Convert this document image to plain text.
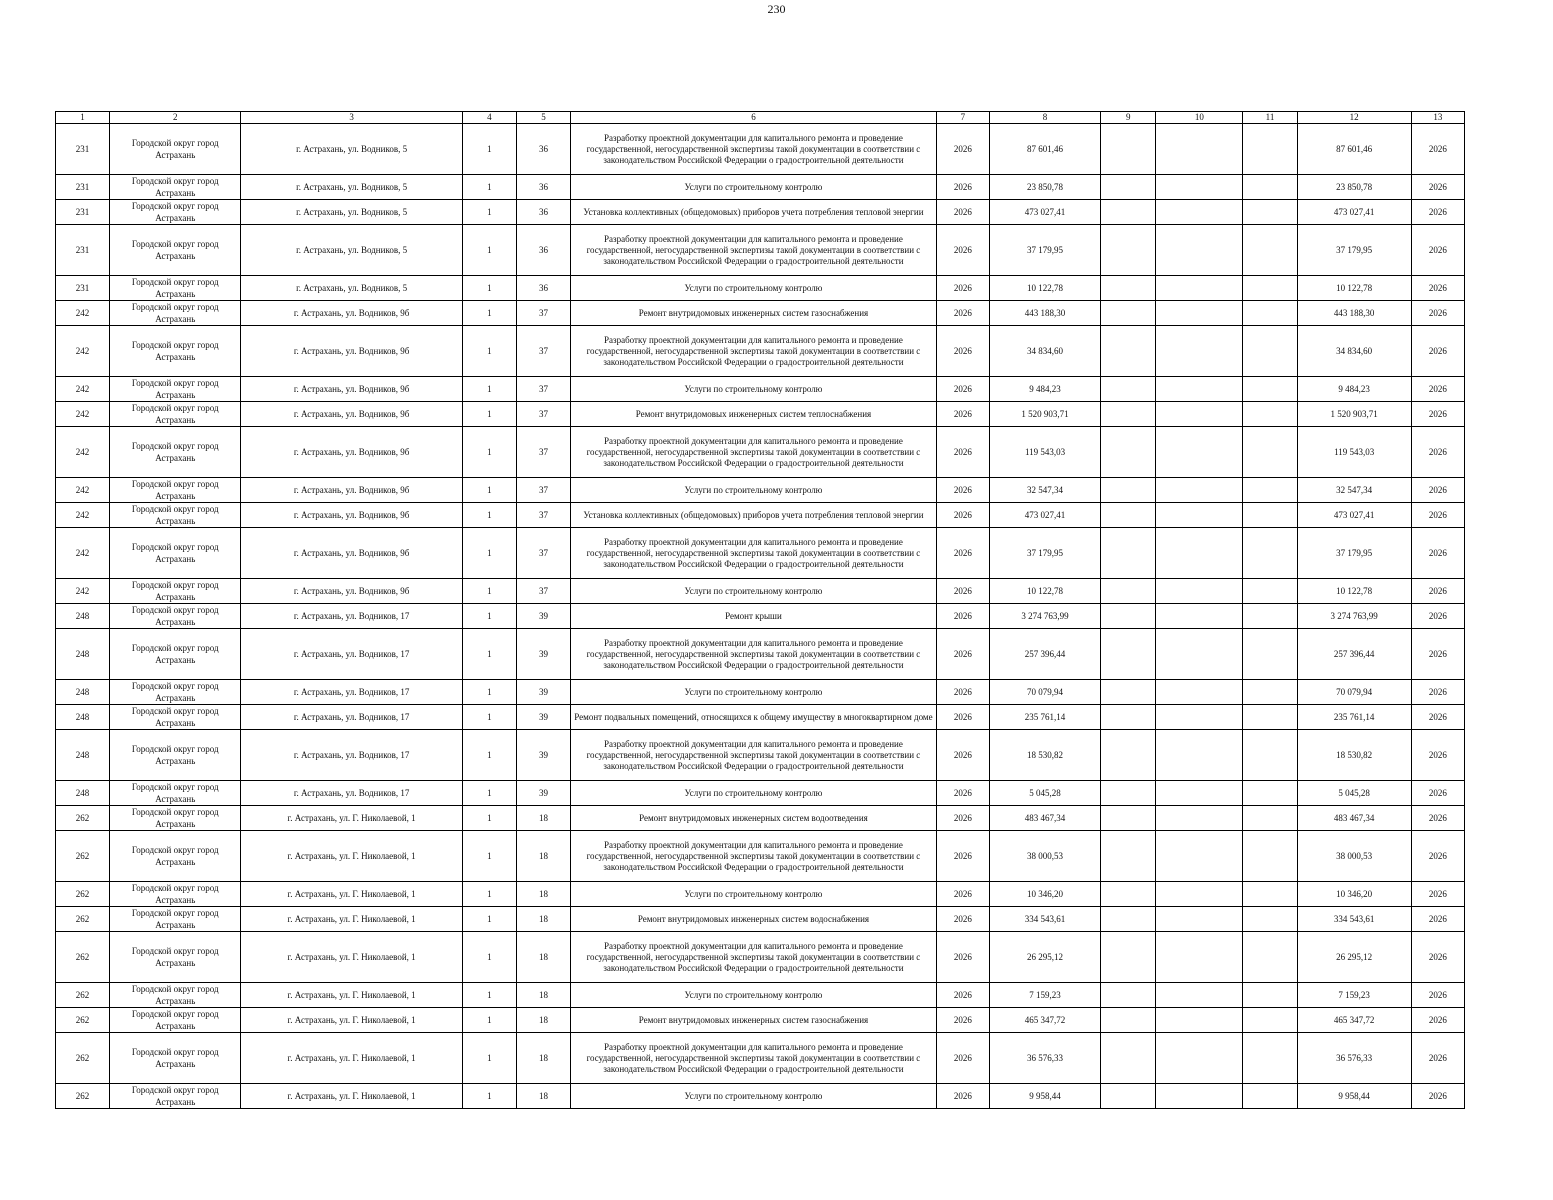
230
1	2	3	4	5	6	7	8	9	10	11	12	13
231	Городской округ город Астрахань	г. Астрахань, ул. Водников, 5	1	36	Разработку проектной документации для капитального ремонта и проведение государственной, негосударственной экспертизы такой документации в соответствии с законодательством Российской Федерации о градостроительной деятельности	2026	87 601,46				87 601,46	2026
231	Городской округ город Астрахань	г. Астрахань, ул. Водников, 5	1	36	Услуги по строительному контролю	2026	23 850,78				23 850,78	2026
231	Городской округ город Астрахань	г. Астрахань, ул. Водников, 5	1	36	Установка коллективных (общедомовых) приборов учета потребления тепловой энергии	2026	473 027,41				473 027,41	2026
231	Городской округ город Астрахань	г. Астрахань, ул. Водников, 5	1	36	Разработку проектной документации для капитального ремонта и проведение государственной, негосударственной экспертизы такой документации в соответствии с законодательством Российской Федерации о градостроительной деятельности	2026	37 179,95				37 179,95	2026
231	Городской округ город Астрахань	г. Астрахань, ул. Водников, 5	1	36	Услуги по строительному контролю	2026	10 122,78				10 122,78	2026
242	Городской округ город Астрахань	г. Астрахань, ул. Водников, 9б	1	37	Ремонт внутридомовых инженерных систем газоснабжения	2026	443 188,30				443 188,30	2026
242	Городской округ город Астрахань	г. Астрахань, ул. Водников, 9б	1	37	Разработку проектной документации для капитального ремонта и проведение государственной, негосударственной экспертизы такой документации в соответствии с законодательством Российской Федерации о градостроительной деятельности	2026	34 834,60				34 834,60	2026
242	Городской округ город Астрахань	г. Астрахань, ул. Водников, 9б	1	37	Услуги по строительному контролю	2026	9 484,23				9 484,23	2026
242	Городской округ город Астрахань	г. Астрахань, ул. Водников, 9б	1	37	Ремонт внутридомовых инженерных систем теплоснабжения	2026	1 520 903,71				1 520 903,71	2026
242	Городской округ город Астрахань	г. Астрахань, ул. Водников, 9б	1	37	Разработку проектной документации для капитального ремонта и проведение государственной, негосударственной экспертизы такой документации в соответствии с законодательством Российской Федерации о градостроительной деятельности	2026	119 543,03				119 543,03	2026
242	Городской округ город Астрахань	г. Астрахань, ул. Водников, 9б	1	37	Услуги по строительному контролю	2026	32 547,34				32 547,34	2026
242	Городской округ город Астрахань	г. Астрахань, ул. Водников, 9б	1	37	Установка коллективных (общедомовых) приборов учета потребления тепловой энергии	2026	473 027,41				473 027,41	2026
242	Городской округ город Астрахань	г. Астрахань, ул. Водников, 9б	1	37	Разработку проектной документации для капитального ремонта и проведение государственной, негосударственной экспертизы такой документации в соответствии с законодательством Российской Федерации о градостроительной деятельности	2026	37 179,95				37 179,95	2026
242	Городской округ город Астрахань	г. Астрахань, ул. Водников, 9б	1	37	Услуги по строительному контролю	2026	10 122,78				10 122,78	2026
248	Городской округ город Астрахань	г. Астрахань, ул. Водников, 17	1	39	Ремонт крыши	2026	3 274 763,99				3 274 763,99	2026
248	Городской округ город Астрахань	г. Астрахань, ул. Водников, 17	1	39	Разработку проектной документации для капитального ремонта и проведение государственной, негосударственной экспертизы такой документации в соответствии с законодательством Российской Федерации о градостроительной деятельности	2026	257 396,44				257 396,44	2026
248	Городской округ город Астрахань	г. Астрахань, ул. Водников, 17	1	39	Услуги по строительному контролю	2026	70 079,94				70 079,94	2026
248	Городской округ город Астрахань	г. Астрахань, ул. Водников, 17	1	39	Ремонт подвальных помещений, относящихся к общему имуществу в многоквартирном доме	2026	235 761,14				235 761,14	2026
248	Городской округ город Астрахань	г. Астрахань, ул. Водников, 17	1	39	Разработку проектной документации для капитального ремонта и проведение государственной, негосударственной экспертизы такой документации в соответствии с законодательством Российской Федерации о градостроительной деятельности	2026	18 530,82				18 530,82	2026
248	Городской округ город Астрахань	г. Астрахань, ул. Водников, 17	1	39	Услуги по строительному контролю	2026	5 045,28				5 045,28	2026
262	Городской округ город Астрахань	г. Астрахань, ул. Г. Николаевой, 1	1	18	Ремонт внутридомовых инженерных систем водоотведения	2026	483 467,34				483 467,34	2026
262	Городской округ город Астрахань	г. Астрахань, ул. Г. Николаевой, 1	1	18	Разработку проектной документации для капитального ремонта и проведение государственной, негосударственной экспертизы такой документации в соответствии с законодательством Российской Федерации о градостроительной деятельности	2026	38 000,53				38 000,53	2026
262	Городской округ город Астрахань	г. Астрахань, ул. Г. Николаевой, 1	1	18	Услуги по строительному контролю	2026	10 346,20				10 346,20	2026
262	Городской округ город Астрахань	г. Астрахань, ул. Г. Николаевой, 1	1	18	Ремонт внутридомовых инженерных систем водоснабжения	2026	334 543,61				334 543,61	2026
262	Городской округ город Астрахань	г. Астрахань, ул. Г. Николаевой, 1	1	18	Разработку проектной документации для капитального ремонта и проведение государственной, негосударственной экспертизы такой документации в соответствии с законодательством Российской Федерации о градостроительной деятельности	2026	26 295,12				26 295,12	2026
262	Городской округ город Астрахань	г. Астрахань, ул. Г. Николаевой, 1	1	18	Услуги по строительному контролю	2026	7 159,23				7 159,23	2026
262	Городской округ город Астрахань	г. Астрахань, ул. Г. Николаевой, 1	1	18	Ремонт внутридомовых инженерных систем газоснабжения	2026	465 347,72				465 347,72	2026
262	Городской округ город Астрахань	г. Астрахань, ул. Г. Николаевой, 1	1	18	Разработку проектной документации для капитального ремонта и проведение государственной, негосударственной экспертизы такой документации в соответствии с законодательством Российской Федерации о градостроительной деятельности	2026	36 576,33				36 576,33	2026
262	Городской округ город Астрахань	г. Астрахань, ул. Г. Николаевой, 1	1	18	Услуги по строительному контролю	2026	9 958,44				9 958,44	2026
